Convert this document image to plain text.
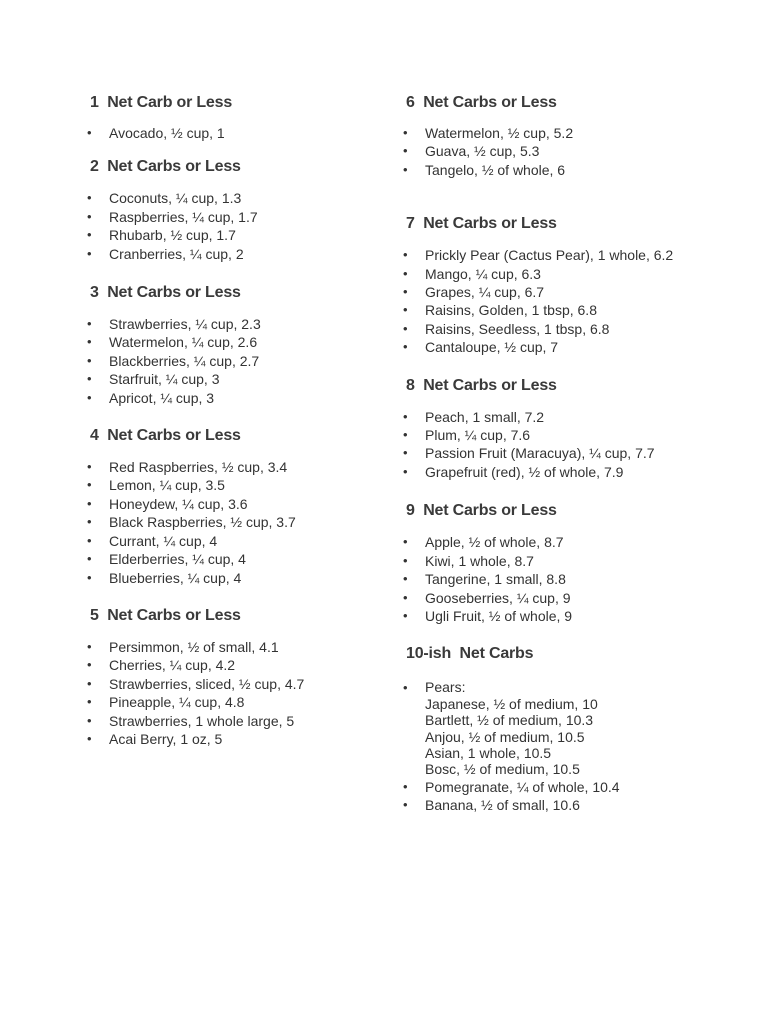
1  Net Carb or Less
• Avocado, ½ cup, 1
2  Net Carbs or Less
• Coconuts, ¼ cup, 1.3
• Raspberries, ¼ cup, 1.7
• Rhubarb, ½ cup, 1.7
• Cranberries, ¼ cup, 2
3  Net Carbs or Less
• Strawberries, ¼ cup, 2.3
• Watermelon, ¼ cup, 2.6
• Blackberries, ¼ cup, 2.7
• Starfruit, ¼ cup, 3
• Apricot, ¼ cup, 3
4  Net Carbs or Less
• Red Raspberries, ½ cup, 3.4
• Lemon, ¼ cup, 3.5
• Honeydew, ¼ cup, 3.6
• Black Raspberries, ½ cup, 3.7
• Currant, ¼ cup, 4
• Elderberries, ¼ cup, 4
• Blueberries, ¼ cup, 4
5  Net Carbs or Less
• Persimmon, ½ of small, 4.1
• Cherries, ¼ cup, 4.2
• Strawberries, sliced, ½ cup, 4.7
• Pineapple, ¼ cup, 4.8
• Strawberries, 1 whole large, 5
• Acai Berry, 1 oz, 5
6  Net Carbs or Less
• Watermelon, ½ cup, 5.2
• Guava, ½ cup, 5.3
• Tangelo, ½ of whole, 6
7  Net Carbs or Less
• Prickly Pear (Cactus Pear), 1 whole, 6.2
• Mango, ¼ cup, 6.3
• Grapes, ¼ cup, 6.7
• Raisins, Golden, 1 tbsp, 6.8
• Raisins, Seedless, 1 tbsp, 6.8
• Cantaloupe, ½ cup, 7
8  Net Carbs or Less
• Peach, 1 small, 7.2
• Plum, ¼ cup, 7.6
• Passion Fruit (Maracuya), ¼ cup, 7.7
• Grapefruit (red), ½ of whole, 7.9
9  Net Carbs or Less
• Apple, ½ of whole, 8.7
• Kiwi, 1 whole, 8.7
• Tangerine, 1 small, 8.8
• Gooseberries, ¼ cup, 9
• Ugli Fruit, ½ of whole, 9
10-ish  Net Carbs
• Pears:
Japanese, ½ of medium, 10
Bartlett, ½ of medium, 10.3
Anjou, ½ of medium, 10.5
Asian, 1 whole, 10.5
Bosc, ½ of medium, 10.5
• Pomegranate, ¼ of whole, 10.4
• Banana, ½ of small, 10.6
